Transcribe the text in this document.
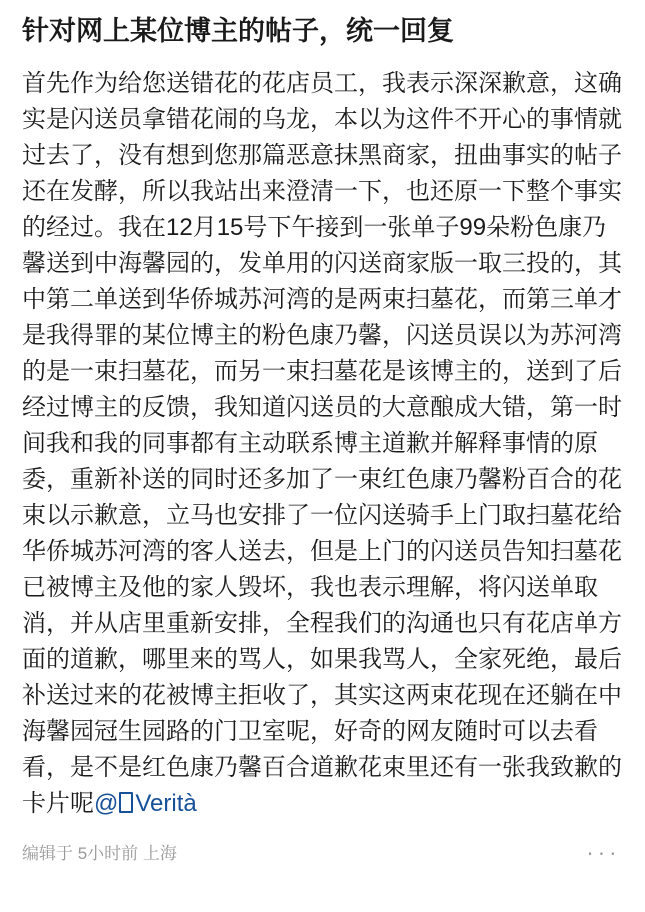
针对网上某位博主的帖子，统一回复

首先作为给您送错花的花店员工，我表示深深歉意，这确实是闪送员拿错花闹的乌龙，本以为这件不开心的事情就过去了，没有想到您那篇恶意抹黑商家，扭曲事实的帖子还在发酵，所以我站出来澄清一下，也还原一下整个事实的经过。我在12月15号下午接到一张单子99朵粉色康乃馨送到中海馨园的，发单用的闪送商家版一取三投的，其中第二单送到华侨城苏河湾的是两束扫墓花，而第三单才是我得罪的某位博主的粉色康乃馨，闪送员误以为苏河湾的是一束扫墓花，而另一束扫墓花是该博主的，送到了后经过博主的反馈，我知道闪送员的大意酿成大错，第一时间我和我的同事都有主动联系博主道歉并解释事情的原委，重新补送的同时还多加了一束红色康乃馨粉百合的花束以示歉意，立马也安排了一位闪送骑手上门取扫墓花给华侨城苏河湾的客人送去，但是上门的闪送员告知扫墓花已被博主及他的家人毁坏，我也表示理解，将闪送单取消，并从店里重新安排，全程我们的沟通也只有花店单方面的道歉，哪里来的骂人，如果我骂人，全家死绝，最后补送过来的花被博主拒收了，其实这两束花现在还躺在中海馨园冠生园路的门卫室呢，好奇的网友随时可以去看看，是不是红色康乃馨百合道歉花束里还有一张我致歉的卡片呢@ Verità

编辑于 5小时前 上海	···
